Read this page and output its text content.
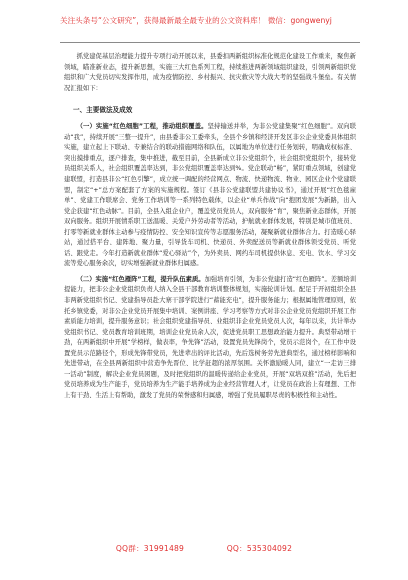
关注头条号“公文研究”，获得最新最全最专业的公文资料库！ 微信：gongwenyj

抓党建促基层治理能力提升专项行动开展以来，县委扣两新组织标准化规范化建设工作重来，聚焦新领域，瞄准新业态，提升新思想，实施三大红色系列工程，持续推进两新领域组织建设，引领两新组织党组织和广大党员切实发挥作用，成为疫情防控、乡村振兴、抗灾救灾等大战大考的坚强战斗堡垒。有关情况汇报如下：

一、主要做法及成效

（一）实施“红色细胞”工程，推动组织覆盖。坚持输送并举，为非公党建集聚“红色细胞”。双向联动“我”，持续开展“三整一提升”，由县委非公工委牵头，全县个乡镇和经济开发区非公企业党委具体组织实施，建立起上下联动、专兼结合的联动措施网络和队伍，以属地为单位进行任务划转，明确成权标准、突出摸排重点，逐户排查，集中推进，截至目前，全县新成立非公党组织个，社会组织党组织个，接转党员组织关系人，社会组织覆盖率达到，非公党组织覆盖率达到%。党企联动“畅”，紧盯重点领域，创建党建联盟，打造县非公“红色引擎”，成立统一调配的经营网点、物流、快递物流、物业、园区企业个党建联盟，制定“+”总方案配套了方案的实施规程。签订《县非公党建联盟共建协议书》，通过开展“红色毯雇单”、党建工作联席会、党务工作培训等一系列特色载体，以企业“单兵作战”向“抱团发展”为新路，出入党企获建“红色动脉”。目前，全县入组企业户，覆盖党员党员人，双向服务“育”，聚焦新业态群体，开展双向服务。组织开展情系职工送温暖、关爱户外劳动者等活动，护航就业群体发展，特别是城市值班员、打零等新就业群体主动参与疫情防控、安全知识宣传等志愿服务活动，凝聚新就业群体合力。打造暖心驿站，通过搭平台、建阵地、聚力量，引导货车司机、快递员、外卖配送员等新就业群体领受党员、听党话、跟党走。今年打造新就业群体“爱心驿站”个，为外卖员、网约车司机提供休息、充电、饮水、学习交流等爱心服务余次，切实增强新就业群体归属感。

（二）实施“红色雁阵”工程，提升队伍素质。加强培育引领，为非公党建打造“红色雁阵”。差额培训提能力，把非公企业党组织负责人纳入全县干部教育培训整体规划，实施轮训计划。配足于开初组织全县非两新党组织书记、党建指导员赴大寨干部学院进行“蓄能充电”，提升服务能力；根据属地管理原则，依托乡镇党委，对非公企业党员开展集中培训、案例讲座、学习考察等方式对非公企业党员党组织开展工作素质能力培训，提升服务意识；社会组织党建指导员、业组织非企业党员党员人次，每年以来，共计举办党组织书记、党员教育培训班期，培训企业党员余人次，促进党员职工思想政治能力提升。典型带动增干劲，在两新组织中开展“学榜样，做表率，争先锋”活动，设置党员先锋岗个，党员示范岗个，在工作中设置党员示范路径个，形成先锋带党员，先进辈出的评比活动，先后选树务劳先进典型名，通过榜样影响和先进带动，在全县两新组织中营造争先晋位、比学赶超的浓厚氛围。关怀激励暖人同，建立“一走访三排一活动”制度，解决企业党员困题，及时把党组织的温暖传递给企业党员，开展“双培双推”活动，先后把党员培养成为生产能手，党员培养为生产能手培养成为企业经营管理人才，让党员在政治上有理想、工作上有干劲、生活上有帮助，激发了党员的荣誉感和归属感，增强了党员履职尽责的积极性和主动性。

QQ群：31991489	QQ：535304092
